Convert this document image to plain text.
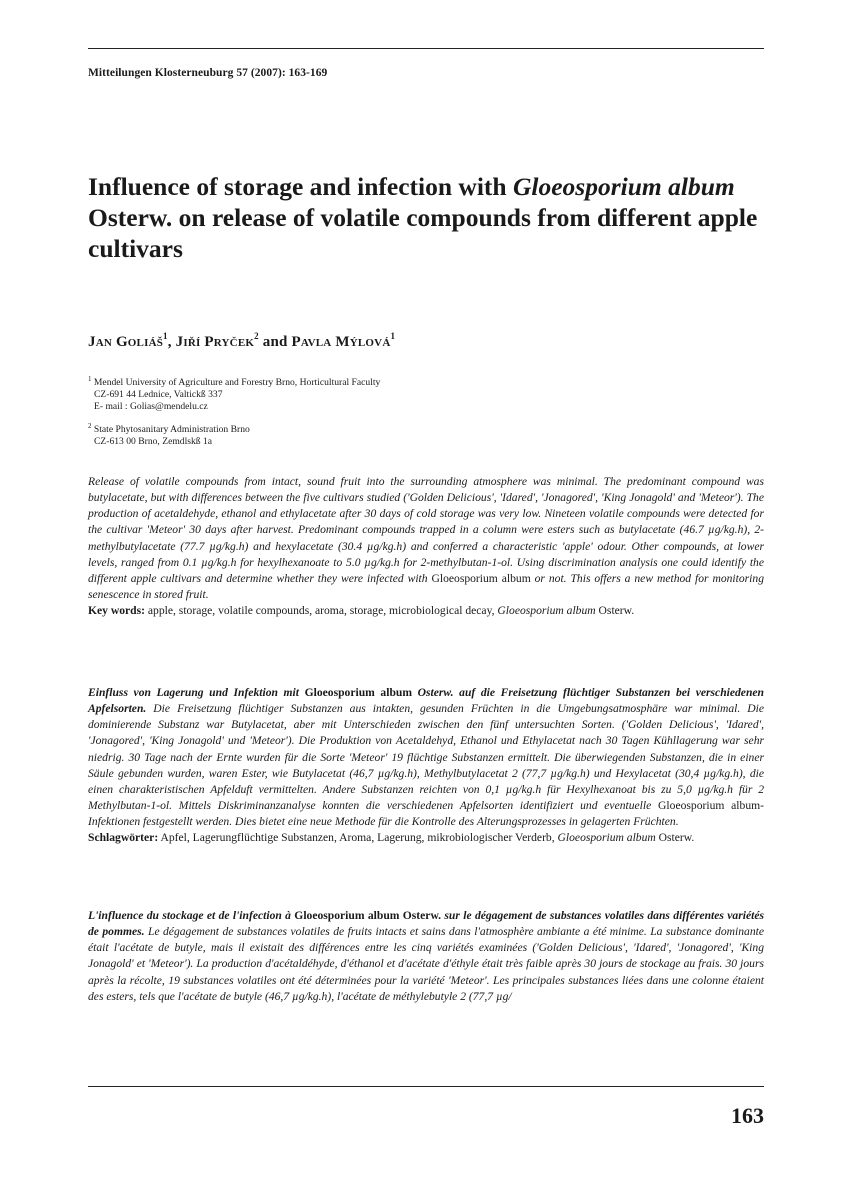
Mitteilungen Klosterneuburg 57 (2007): 163-169
Influence of storage and infection with Gloeosporium album Osterw. on release of volatile compounds from different apple cultivars
Jan Goliáš$^1$, Jiří Pryček$^2$ and Pavla Mýlová$^1$
$^1$ Mendel University of Agriculture and Forestry Brno, Horticultural Faculty
CZ-691 44 Lednice, Valtickß 337
E- mail : Golias@mendelu.cz
$^2$ State Phytosanitary Administration Brno
CZ-613 00 Brno, Zemdlskß 1a
Release of volatile compounds from intact, sound fruit into the surrounding atmosphere was minimal. The predominant compound was butylacetate, but with differences between the five cultivars studied ('Golden Delicious', 'Idared', 'Jonagored', 'King Jonagold' and 'Meteor'). The production of acetaldehyde, ethanol and ethylacetate after 30 days of cold storage was very low. Nineteen volatile compounds were detected for the cultivar 'Meteor' 30 days after harvest. Predominant compounds trapped in a column were esters such as butylacetate (46.7 µg/kg.h), 2-methylbutylacetate (77.7 µg/kg.h) and hexylacetate (30.4 µg/kg.h) and conferred a characteristic 'apple' odour. Other compounds, at lower levels, ranged from 0.1 µg/kg.h for hexylhexanoate to 5.0 µg/kg.h for 2-methylbutan-1-ol. Using discrimination analysis one could identify the different apple cultivars and determine whether they were infected with Gloeosporium album or not. This offers a new method for monitoring senescence in stored fruit.
Key words: apple, storage, volatile compounds, aroma, storage, microbiological decay, Gloeosporium album Osterw.
Einfluss von Lagerung und Infektion mit Gloeosporium album Osterw. auf die Freisetzung flüchtiger Substanzen bei verschiedenen Apfelsorten. Die Freisetzung flüchtiger Substanzen aus intakten, gesunden Früchten in die Umgebungsatmosphäre war minimal. Die dominierende Substanz war Butylacetat, aber mit Unterschieden zwischen den fünf untersuchten Sorten. ('Golden Delicious', 'Idared', 'Jonagored', 'King Jonagold' und 'Meteor'). Die Produktion von Acetaldehyd, Ethanol und Ethylacetat nach 30 Tagen Kühllagerung war sehr niedrig. 30 Tage nach der Ernte wurden für die Sorte 'Meteor' 19 flüchtige Substanzen ermittelt. Die überwiegenden Substanzen, die in einer Säule gebunden wurden, waren Ester, wie Butylacetat (46,7 µg/kg.h), Methylbutylacetat 2 (77,7 µg/kg.h) und Hexylacetat (30,4 µg/kg.h), die einen charakteristischen Apfelduft vermittelten. Andere Substanzen reichten von 0,1 µg/kg.h für Hexylhexanoat bis zu 5,0 µg/kg.h für 2 Methylbutan-1-ol. Mittels Diskriminanzanalyse konnten die verschiedenen Apfelsorten identifiziert und eventuelle Gloeosporium album-Infektionen festgestellt werden. Dies bietet eine neue Methode für die Kontrolle des Alterungsprozesses in gelagerten Früchten.
Schlagwörter: Apfel, Lagerungflüchtige Substanzen, Aroma, Lagerung, mikrobiologischer Verderb, Gloeosporium album Osterw.
L'influence du stockage et de l'infection à Gloeosporium album Osterw. sur le dégagement de substances volatiles dans différentes variétés de pommes. Le dégagement de substances volatiles de fruits intacts et sains dans l'atmosphère ambiante a été minime. La substance dominante était l'acétate de butyle, mais il existait des différences entre les cinq variétés examinées ('Golden Delicious', 'Idared', 'Jonagored', 'King Jonagold' et 'Meteor'). La production d'acétaldéhyde, d'éthanol et d'acétate d'éthyle était très faible après 30 jours de stockage au frais. 30 jours après la récolte, 19 substances volatiles ont été déterminées pour la variété 'Meteor'. Les principales substances liées dans une colonne étaient des esters, tels que l'acétate de butyle (46,7 µg/kg.h), l'acétate de méthylebutyle 2 (77,7 µg/
163
